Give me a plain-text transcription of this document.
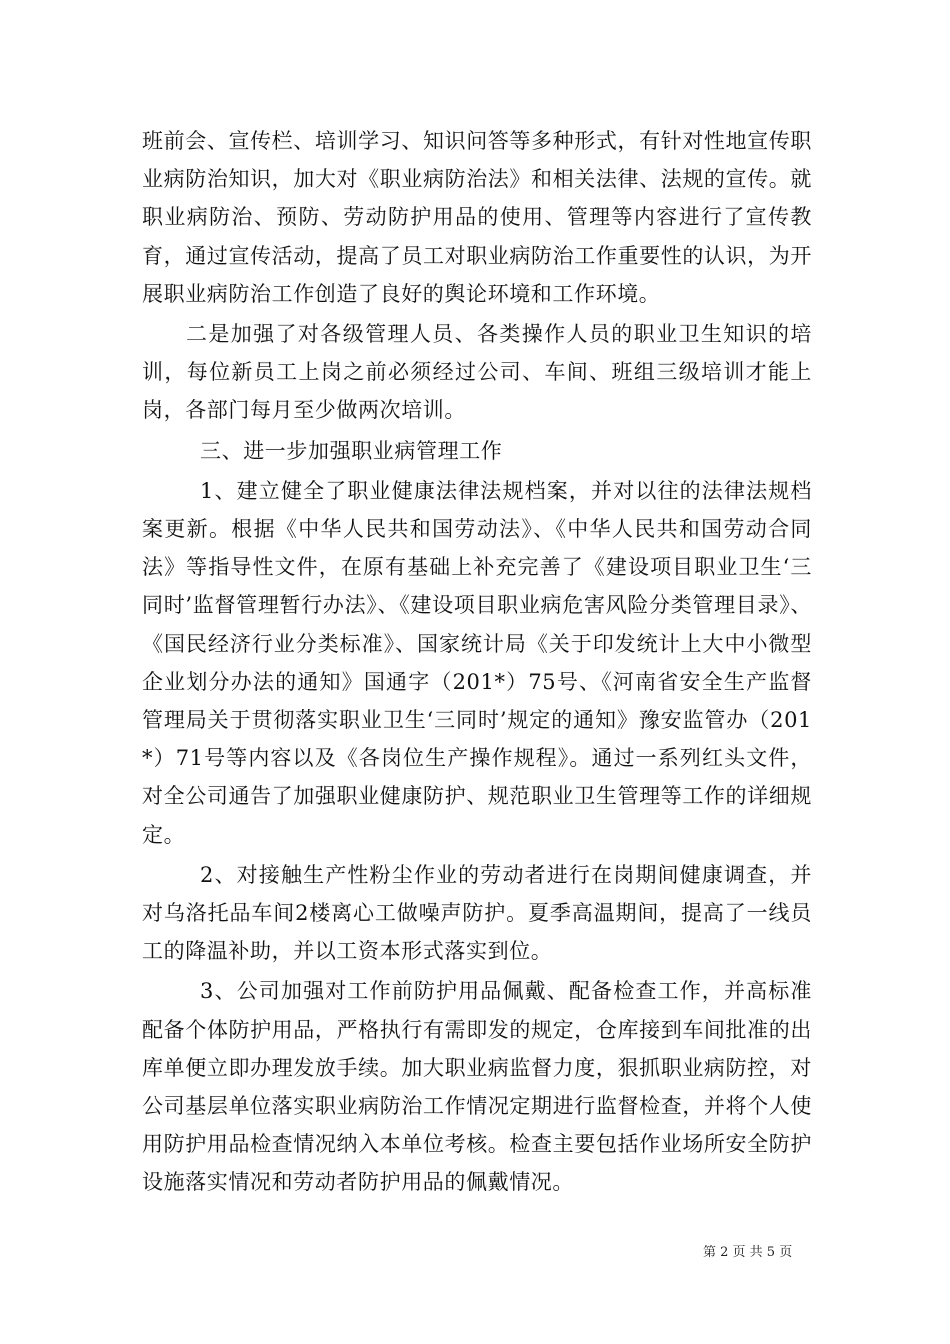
班前会、宣传栏、培训学习、知识问答等多种形式，有针对性地宣传职业病防治知识，加大对《职业病防治法》和相关法律、法规的宣传。就职业病防治、预防、劳动防护用品的使用、管理等内容进行了宣传教育，通过宣传活动，提高了员工对职业病防治工作重要性的认识，为开展职业病防治工作创造了良好的舆论环境和工作环境。

二是加强了对各级管理人员、各类操作人员的职业卫生知识的培训，每位新员工上岗之前必须经过公司、车间、班组三级培训才能上岗，各部门每月至少做两次培训。

三、进一步加强职业病管理工作

1、建立健全了职业健康法律法规档案，并对以往的法律法规档案更新。根据《中华人民共和国劳动法》、《中华人民共和国劳动合同法》等指导性文件，在原有基础上补充完善了《建设项目职业卫生‘三同时’监督管理暂行办法》、《建设项目职业病危害风险分类管理目录》、《国民经济行业分类标准》、国家统计局《关于印发统计上大中小微型企业划分办法的通知》国通字（201*）75号、《河南省安全生产监督管理局关于贯彻落实职业卫生‘三同时’规定的通知》豫安监管办（201*）71号等内容以及《各岗位生产操作规程》。通过一系列红头文件，对全公司通告了加强职业健康防护、规范职业卫生管理等工作的详细规定。

2、对接触生产性粉尘作业的劳动者进行在岗期间健康调查，并对乌洛托品车间2楼离心工做噪声防护。夏季高温期间，提高了一线员工的降温补助，并以工资本形式落实到位。

3、公司加强对工作前防护用品佩戴、配备检查工作，并高标准配备个体防护用品，严格执行有需即发的规定，仓库接到车间批准的出库单便立即办理发放手续。加大职业病监督力度，狠抓职业病防控，对公司基层单位落实职业病防治工作情况定期进行监督检查，并将个人使用防护用品检查情况纳入本单位考核。检查主要包括作业场所安全防护设施落实情况和劳动者防护用品的佩戴情况。

第 2 页 共 5 页
